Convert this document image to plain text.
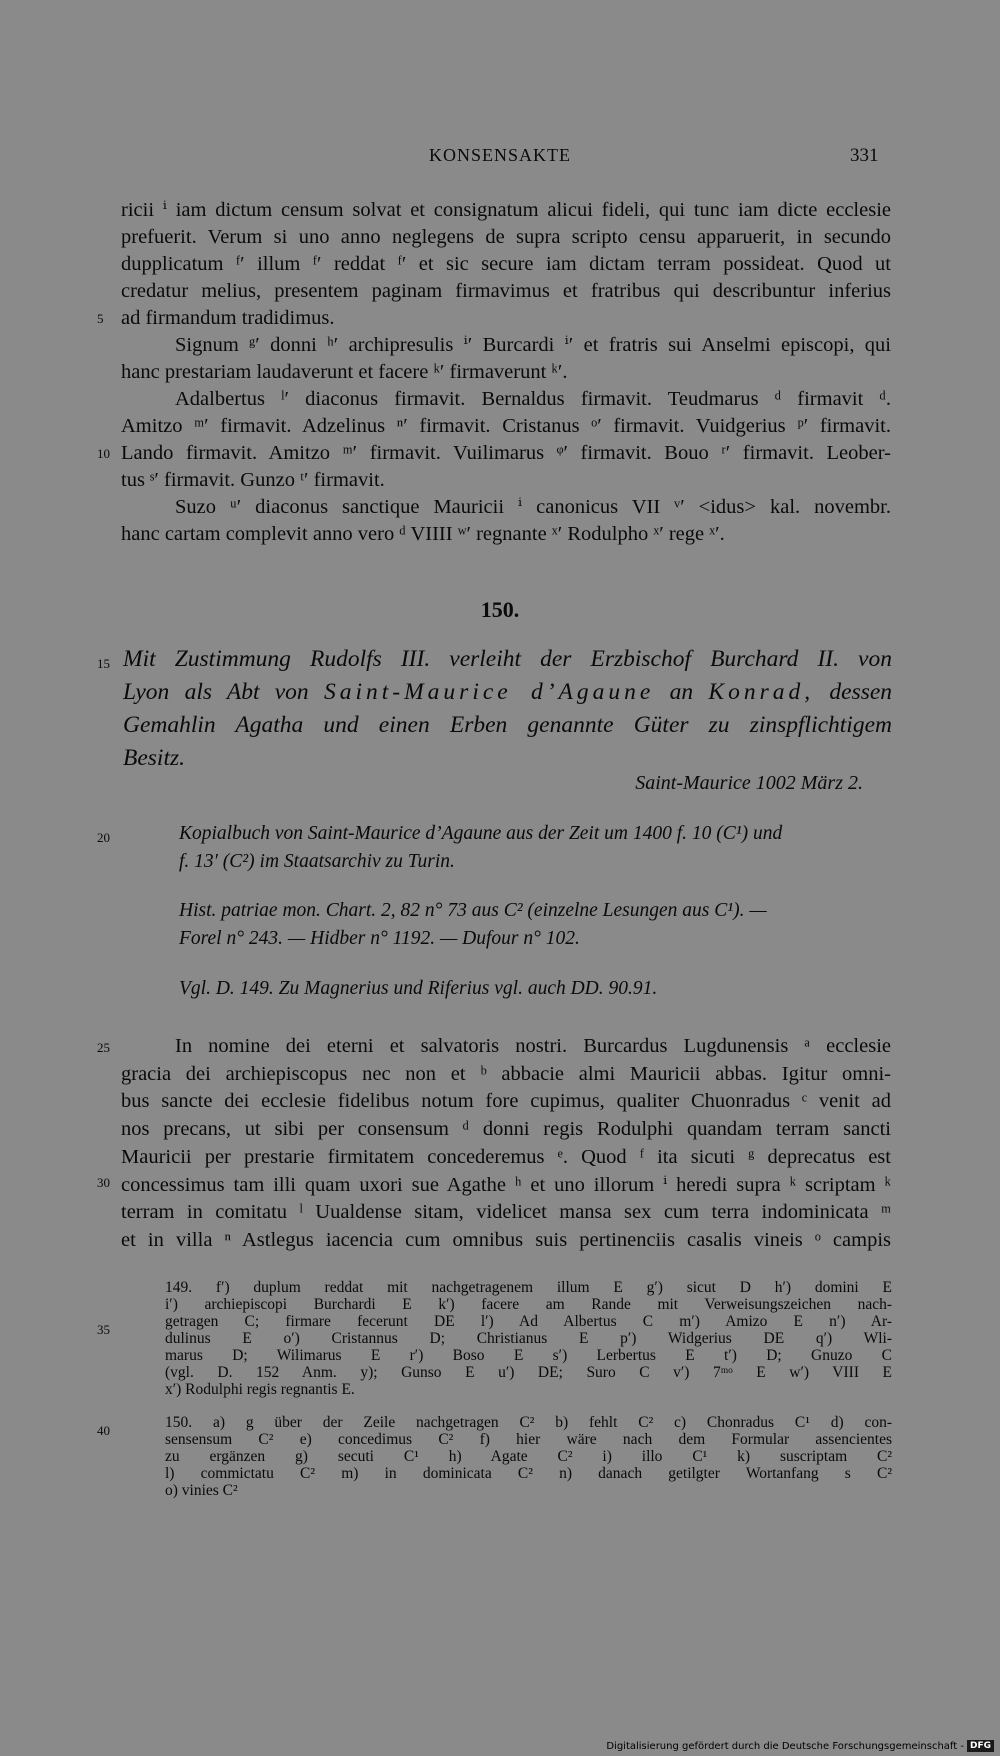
KONSENSAKTE	331
5
10
15
20
25
30
35
40

ricii ⁱ iam dictum censum solvat et consignatum alicui fideli, qui tunc iam dicte ecclesie

prefuerit. Verum si uno anno neglegens de supra scripto censu apparuerit, in secundo

dupplicatum ᶠ′ illum ᶠ′ reddat ᶠ′ et sic secure iam dictam terram possideat. Quod ut

credatur melius, presentem paginam firmavimus et fratribus qui describuntur inferius

ad firmandum tradidimus.

Signum ᵍ′ donni ʰ′ archipresulis ⁱ′ Burcardi ⁱ′ et fratris sui Anselmi episcopi, qui

hanc prestariam laudaverunt et facere ᵏ′ firmaverunt ᵏ′.

Adalbertus ˡ′ diaconus firmavit. Bernaldus firmavit. Teudmarus ᵈ firmavit ᵈ.

Amitzo ᵐ′ firmavit. Adzelinus ⁿ′ firmavit. Cristanus ᵒ′ firmavit. Vuidgerius ᵖ′ firmavit.

Lando firmavit. Amitzo ᵐ′ firmavit. Vuilimarus ᵠ′ firmavit. Bouo ʳ′ firmavit. Leober-

tus ˢ′ firmavit. Gunzo ᵗ′ firmavit.

Suzo ᵘ′ diaconus sanctique Mauricii ⁱ canonicus VII ᵛ′ <idus> kal. novembr.

hanc cartam complevit anno vero ᵈ VIIII ʷ′ regnante ˣ′ Rodulpho ˣ′ rege ˣ′.

150.

Mit Zustimmung Rudolfs III. verleiht der Erzbischof Burchard II. von

Lyon als Abt von Saint-Maurice d’Agaune an Konrad, dessen

Gemahlin Agatha und einen Erben genannte Güter zu zinspflichtigem

Besitz.

Saint-Maurice 1002 März 2.

Kopialbuch von Saint-Maurice d’Agaune aus der Zeit um 1400 f. 10 (C¹) und

f. 13′ (C²) im Staatsarchiv zu Turin.

Hist. patriae mon. Chart. 2, 82 n° 73 aus C² (einzelne Lesungen aus C¹). —

Forel n° 243. — Hidber n° 1192. — Dufour n° 102.

Vgl. D. 149. Zu Magnerius und Riferius vgl. auch DD. 90.91.

In nomine dei eterni et salvatoris nostri. Burcardus Lugdunensis ᵃ ecclesie

gracia dei archiepiscopus nec non et ᵇ abbacie almi Mauricii abbas. Igitur omni-

bus sancte dei ecclesie fidelibus notum fore cupimus, qualiter Chuonradus ᶜ venit ad

nos precans, ut sibi per consensum ᵈ donni regis Rodulphi quandam terram sancti

Mauricii per prestarie firmitatem concederemus ᵉ. Quod ᶠ ita sicuti ᵍ deprecatus est

concessimus tam illi quam uxori sue Agathe ʰ et uno illorum ⁱ heredi supra ᵏ scriptam ᵏ

terram in comitatu ˡ Uualdense sitam, videlicet mansa sex cum terra indominicata ᵐ

et in villa ⁿ Astlegus iacencia cum omnibus suis pertinenciis casalis vineis ᵒ campis

149. f′) duplum reddat mit nachgetragenem illum E g′) sicut D h′) domini E

i′) archiepiscopi Burchardi E k′) facere am Rande mit Verweisungszeichen nach-

getragen C; firmare fecerunt DE l′) Ad Albertus C m′) Amizo E n′) Ar-

dulinus E o′) Cristannus D; Christianus E p′) Widgerius DE q′) Wli-

marus D; Wilimarus E r′) Boso E s′) Lerbertus E t′) D; Gnuzo C

(vgl. D. 152 Anm. y); Gunso E u′) DE; Suro C v′) 7ᵐᵒ E w′) VIII E

x′) Rodulphi regis regnantis E.

150. a) g über der Zeile nachgetragen C² b) fehlt C² c) Chonradus C¹ d) con-

sensensum C² e) concedimus C² f) hier wäre nach dem Formular assencientes

zu ergänzen g) secuti C¹ h) Agate C² i) illo C¹ k) suscriptam C²

l) commictatu C² m) in dominicata C² n) danach getilgter Wortanfang s C²

o) vinies C²

Digitalisierung gefördert durch die Deutsche Forschungsgemeinschaft - DFG
